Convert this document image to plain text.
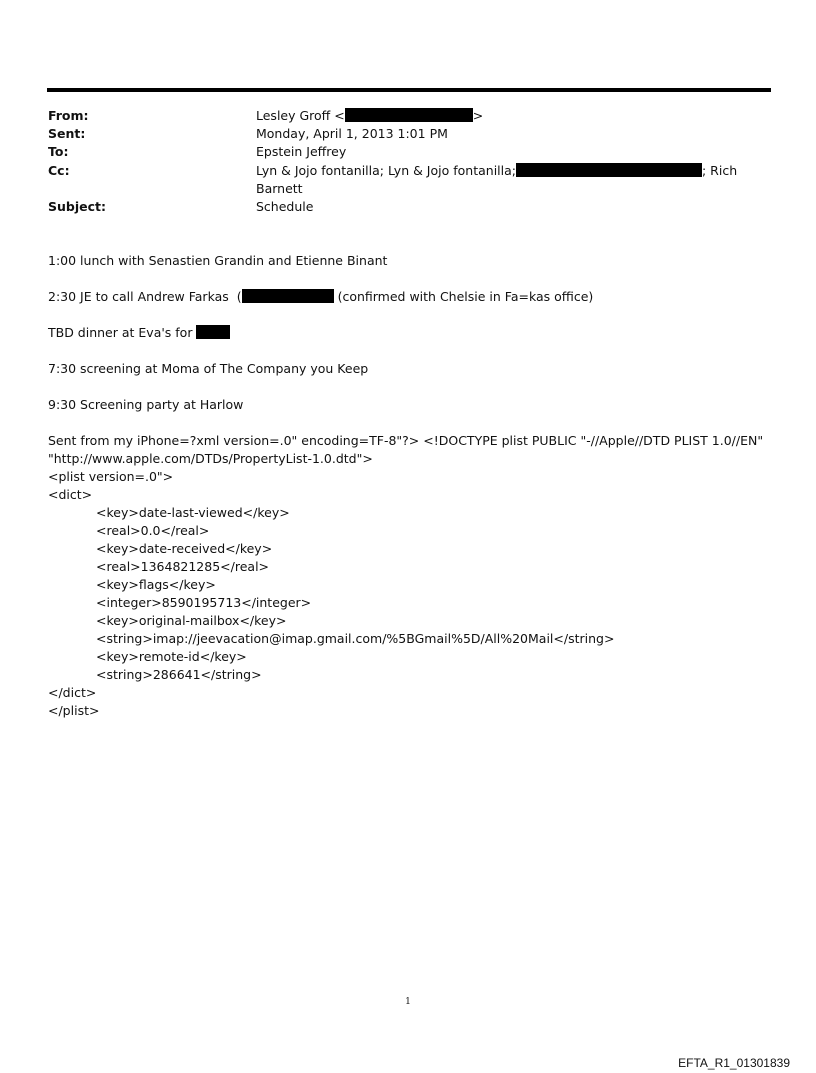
From:	Lesley Groff <	>
Sent:	Monday, April 1, 2013 1:01 PM
To:	Epstein Jeffrey
Cc:	Lyn & Jojo fontanilla; Lyn & Jojo fontanilla;	; Rich
Barnett
Subject:	Schedule
1:00 lunch with Senastien Grandin and Etienne Binant
2:30 JE to call Andrew Farkas  (	(confirmed with Chelsie in Fa=kas office)
TBD dinner at Eva's for
7:30 screening at Moma of The Company you Keep
9:30 Screening party at Harlow
Sent from my iPhone=?xml version=.0" encoding=TF-8"?> <!DOCTYPE plist PUBLIC "-//Apple//DTD PLIST 1.0//EN"
"http://www.apple.com/DTDs/PropertyList-1.0.dtd">
<plist version=.0">
<dict>
<key>date-last-viewed</key>
<real>0.0</real>
<key>date-received</key>
<real>1364821285</real>
<key>flags</key>
<integer>8590195713</integer>
<key>original-mailbox</key>
<string>imap://jeevacation@imap.gmail.com/%5BGmail%5D/All%20Mail</string>
<key>remote-id</key>
<string>286641</string>
</dict>
</plist>
1
EFTA_R1_01301839
